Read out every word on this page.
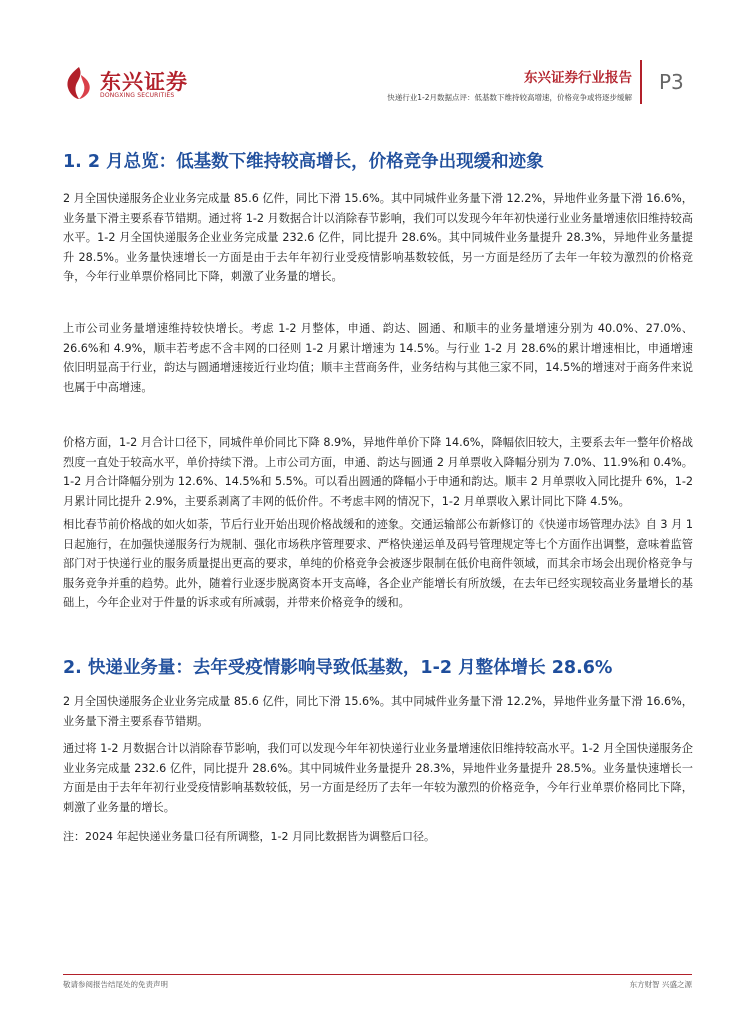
东兴证券
DONGXING SECURITIES
东兴证券行业报告
快递行业1-2月数据点评：低基数下维持较高增速，价格竞争或将逐步缓解
P3
1. 2 月总览：低基数下维持较高增长，价格竞争出现缓和迹象

2 月全国快递服务企业业务完成量 85.6 亿件，同比下滑 15.6%。其中同城件业务量下滑 12.2%，异地件业务量下滑 16.6%，业务量下滑主要系春节错期。通过将 1-2 月数据合计以消除春节影响，我们可以发现今年年初快递行业业务量增速依旧维持较高水平。1-2 月全国快递服务企业业务完成量 232.6 亿件，同比提升 28.6%。其中同城件业务量提升 28.3%，异地件业务量提升 28.5%。业务量快速增长一方面是由于去年年初行业受疫情影响基数较低，另一方面是经历了去年一年较为激烈的价格竞争，今年行业单票价格同比下降，刺激了业务量的增长。

上市公司业务量增速维持较快增长。考虑 1-2 月整体，申通、韵达、圆通、和顺丰的业务量增速分别为 40.0%、27.0%、26.6%和 4.9%，顺丰若考虑不含丰网的口径则 1-2 月累计增速为 14.5%。与行业 1-2 月 28.6%的累计增速相比，申通增速依旧明显高于行业，韵达与圆通增速接近行业均值；顺丰主营商务件，业务结构与其他三家不同，14.5%的增速对于商务件来说也属于中高增速。

价格方面，1-2 月合计口径下，同城件单价同比下降 8.9%，异地件单价下降 14.6%，降幅依旧较大，主要系去年一整年价格战烈度一直处于较高水平，单价持续下滑。上市公司方面，申通、韵达与圆通 2 月单票收入降幅分别为 7.0%、11.9%和 0.4%。1-2 月合计降幅分别为 12.6%、14.5%和 5.5%。可以看出圆通的降幅小于申通和韵达。顺丰 2 月单票收入同比提升 6%，1-2 月累计同比提升 2.9%，主要系剥离了丰网的低价件。不考虑丰网的情况下，1-2 月单票收入累计同比下降 4.5%。

相比春节前价格战的如火如荼，节后行业开始出现价格战缓和的迹象。交通运输部公布新修订的《快递市场管理办法》自 3 月 1 日起施行，在加强快递服务行为规制、强化市场秩序管理要求、严格快递运单及码号管理规定等七个方面作出调整，意味着监管部门对于快递行业的服务质量提出更高的要求，单纯的价格竞争会被逐步限制在低价电商件领域，而其余市场会出现价格竞争与服务竞争并重的趋势。此外，随着行业逐步脱离资本开支高峰，各企业产能增长有所放缓，在去年已经实现较高业务量增长的基础上，今年企业对于件量的诉求或有所减弱，并带来价格竞争的缓和。

2. 快递业务量：去年受疫情影响导致低基数，1-2 月整体增长 28.6%

2 月全国快递服务企业业务完成量 85.6 亿件，同比下滑 15.6%。其中同城件业务量下滑 12.2%，异地件业务量下滑 16.6%，业务量下滑主要系春节错期。

通过将 1-2 月数据合计以消除春节影响，我们可以发现今年年初快递行业业务量增速依旧维持较高水平。1-2 月全国快递服务企业业务完成量 232.6 亿件，同比提升 28.6%。其中同城件业务量提升 28.3%，异地件业务量提升 28.5%。业务量快速增长一方面是由于去年年初行业受疫情影响基数较低，另一方面是经历了去年一年较为激烈的价格竞争，今年行业单票价格同比下降，刺激了业务量的增长。

注：2024 年起快递业务量口径有所调整，1-2 月同比数据皆为调整后口径。
敬请参阅报告结尾处的免责声明	东方财智 兴盛之源
